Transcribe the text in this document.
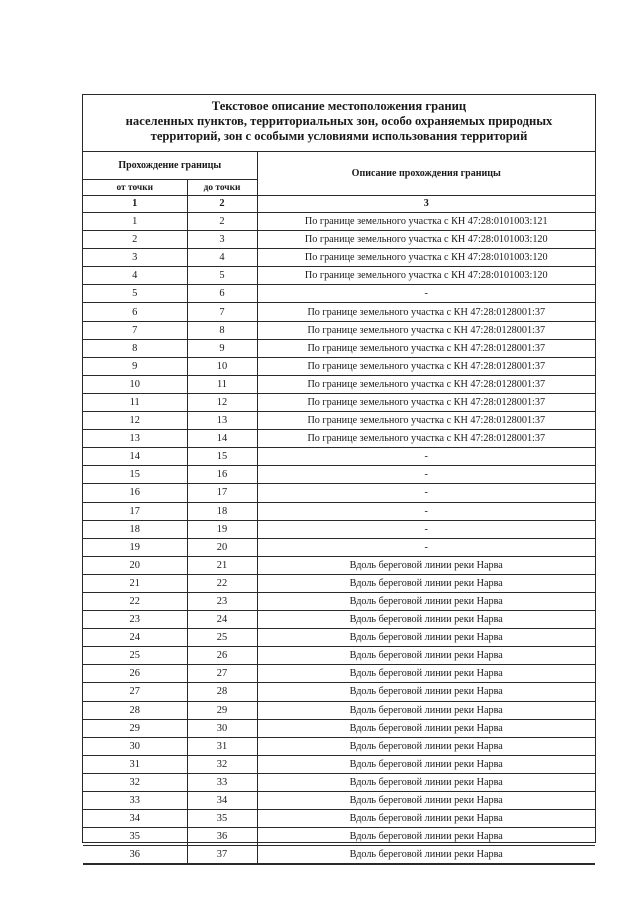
Текстовое описание местоположения границ
населенных пунктов, территориальных зон, особо охраняемых природных
территорий, зон с особыми условиями использования территорий
Прохождение границы		Описание прохождения границы
от точки	до точки	
1	2	3
1	2	По границе земельного участка с КН 47:28:0101003:121
2	3	По границе земельного участка с КН 47:28:0101003:120
3	4	По границе земельного участка с КН 47:28:0101003:120
4	5	По границе земельного участка с КН 47:28:0101003:120
5	6	-
6	7	По границе земельного участка с КН 47:28:0128001:37
7	8	По границе земельного участка с КН 47:28:0128001:37
8	9	По границе земельного участка с КН 47:28:0128001:37
9	10	По границе земельного участка с КН 47:28:0128001:37
10	11	По границе земельного участка с КН 47:28:0128001:37
11	12	По границе земельного участка с КН 47:28:0128001:37
12	13	По границе земельного участка с КН 47:28:0128001:37
13	14	По границе земельного участка с КН 47:28:0128001:37
14	15	-
15	16	-
16	17	-
17	18	-
18	19	-
19	20	-
20	21	Вдоль береговой линии реки Нарва
21	22	Вдоль береговой линии реки Нарва
22	23	Вдоль береговой линии реки Нарва
23	24	Вдоль береговой линии реки Нарва
24	25	Вдоль береговой линии реки Нарва
25	26	Вдоль береговой линии реки Нарва
26	27	Вдоль береговой линии реки Нарва
27	28	Вдоль береговой линии реки Нарва
28	29	Вдоль береговой линии реки Нарва
29	30	Вдоль береговой линии реки Нарва
30	31	Вдоль береговой линии реки Нарва
31	32	Вдоль береговой линии реки Нарва
32	33	Вдоль береговой линии реки Нарва
33	34	Вдоль береговой линии реки Нарва
34	35	Вдоль береговой линии реки Нарва
35	36	Вдоль береговой линии реки Нарва
36	37	Вдоль береговой линии реки Нарва
